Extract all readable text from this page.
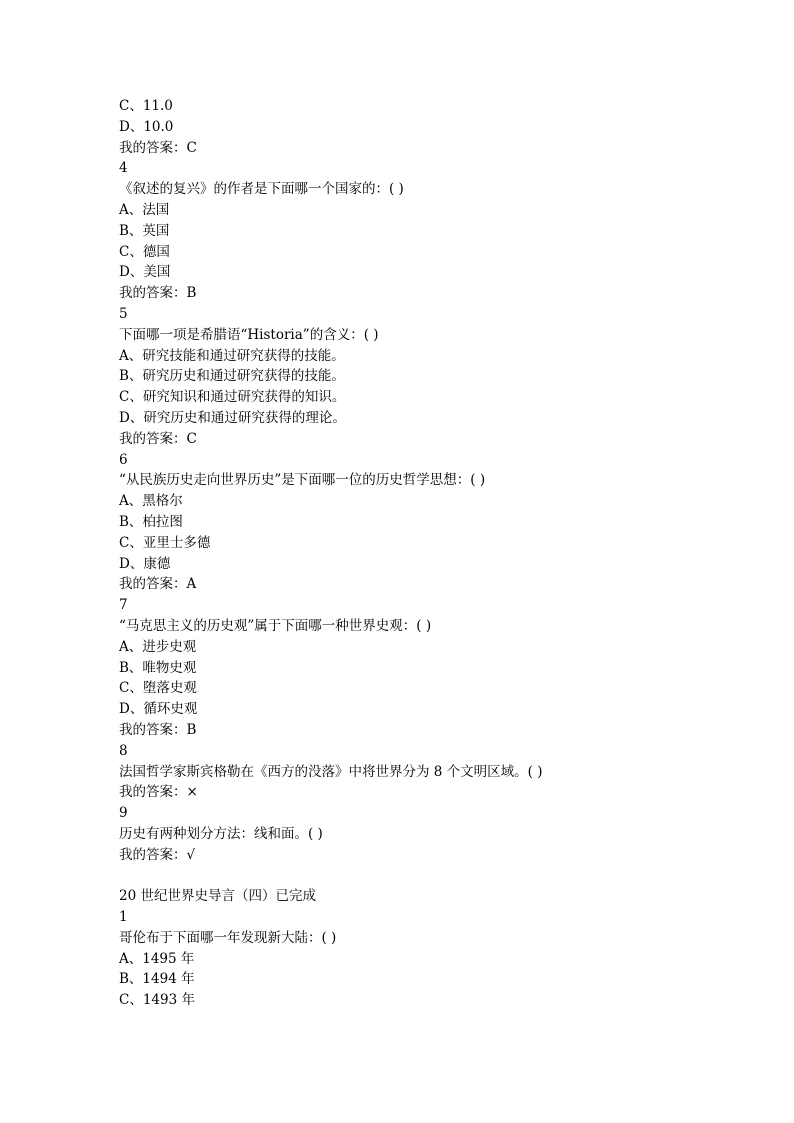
C、11.0
D、10.0
我的答案：C
4
《叙述的复兴》的作者是下面哪一个国家的：( )
A、法国
B、英国
C、德国
D、美国
我的答案：B
5
下面哪一项是希腊语“Historia”的含义：( )
A、研究技能和通过研究获得的技能。
B、研究历史和通过研究获得的技能。
C、研究知识和通过研究获得的知识。
D、研究历史和通过研究获得的理论。
我的答案：C
6
“从民族历史走向世界历史”是下面哪一位的历史哲学思想：( )
A、黑格尔
B、柏拉图
C、亚里士多德
D、康德
我的答案：A
7
“马克思主义的历史观”属于下面哪一种世界史观：( )
A、进步史观
B、唯物史观
C、堕落史观
D、循环史观
我的答案：B
8
法国哲学家斯宾格勒在《西方的没落》中将世界分为 8 个文明区域。( )
我的答案：×
9
历史有两种划分方法：线和面。( )
我的答案：√
20 世纪世界史导言（四）已完成
1
哥伦布于下面哪一年发现新大陆：( )
A、1495 年
B、1494 年
C、1493 年
